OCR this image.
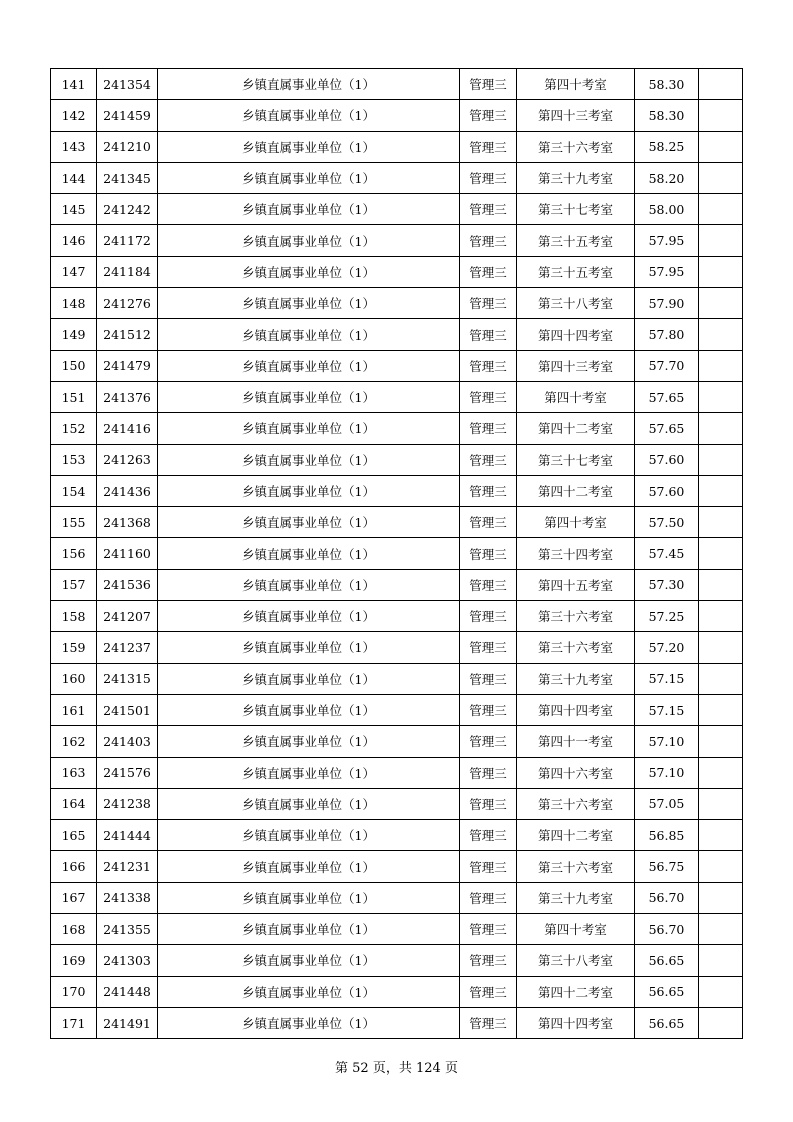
141	241354	乡镇直属事业单位（1）	管理三	第四十考室	58.30	
142	241459	乡镇直属事业单位（1）	管理三	第四十三考室	58.30	
143	241210	乡镇直属事业单位（1）	管理三	第三十六考室	58.25	
144	241345	乡镇直属事业单位（1）	管理三	第三十九考室	58.20	
145	241242	乡镇直属事业单位（1）	管理三	第三十七考室	58.00	
146	241172	乡镇直属事业单位（1）	管理三	第三十五考室	57.95	
147	241184	乡镇直属事业单位（1）	管理三	第三十五考室	57.95	
148	241276	乡镇直属事业单位（1）	管理三	第三十八考室	57.90	
149	241512	乡镇直属事业单位（1）	管理三	第四十四考室	57.80	
150	241479	乡镇直属事业单位（1）	管理三	第四十三考室	57.70	
151	241376	乡镇直属事业单位（1）	管理三	第四十考室	57.65	
152	241416	乡镇直属事业单位（1）	管理三	第四十二考室	57.65	
153	241263	乡镇直属事业单位（1）	管理三	第三十七考室	57.60	
154	241436	乡镇直属事业单位（1）	管理三	第四十二考室	57.60	
155	241368	乡镇直属事业单位（1）	管理三	第四十考室	57.50	
156	241160	乡镇直属事业单位（1）	管理三	第三十四考室	57.45	
157	241536	乡镇直属事业单位（1）	管理三	第四十五考室	57.30	
158	241207	乡镇直属事业单位（1）	管理三	第三十六考室	57.25	
159	241237	乡镇直属事业单位（1）	管理三	第三十六考室	57.20	
160	241315	乡镇直属事业单位（1）	管理三	第三十九考室	57.15	
161	241501	乡镇直属事业单位（1）	管理三	第四十四考室	57.15	
162	241403	乡镇直属事业单位（1）	管理三	第四十一考室	57.10	
163	241576	乡镇直属事业单位（1）	管理三	第四十六考室	57.10	
164	241238	乡镇直属事业单位（1）	管理三	第三十六考室	57.05	
165	241444	乡镇直属事业单位（1）	管理三	第四十二考室	56.85	
166	241231	乡镇直属事业单位（1）	管理三	第三十六考室	56.75	
167	241338	乡镇直属事业单位（1）	管理三	第三十九考室	56.70	
168	241355	乡镇直属事业单位（1）	管理三	第四十考室	56.70	
169	241303	乡镇直属事业单位（1）	管理三	第三十八考室	56.65	
170	241448	乡镇直属事业单位（1）	管理三	第四十二考室	56.65	
171	241491	乡镇直属事业单位（1）	管理三	第四十四考室	56.65	
第 52 页，共 124 页
